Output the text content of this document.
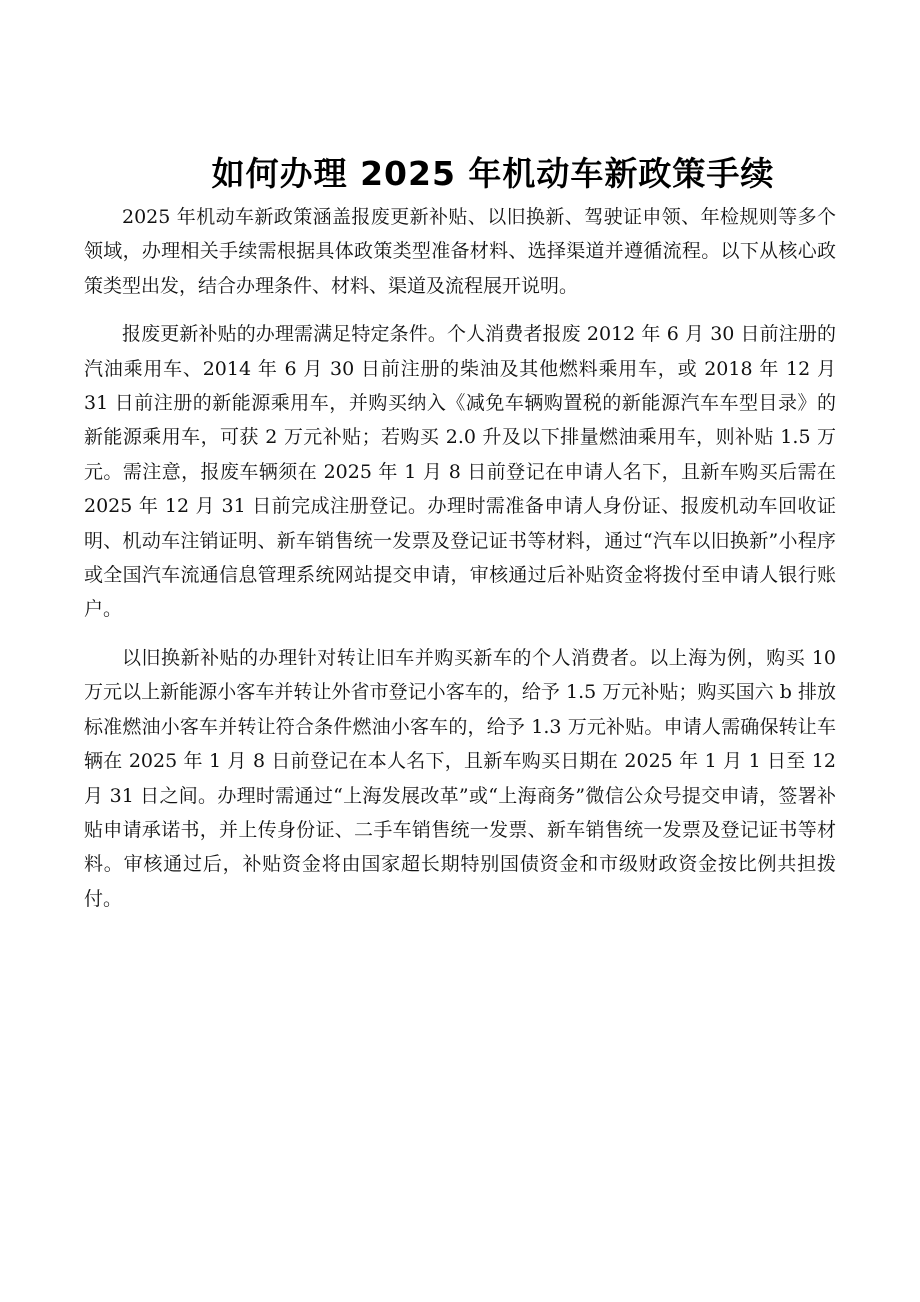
如何办理 2025 年机动车新政策手续

2025 年机动车新政策涵盖报废更新补贴、以旧换新、驾驶证申领、年检规则等多个领域，办理相关手续需根据具体政策类型准备材料、选择渠道并遵循流程。以下从核心政策类型出发，结合办理条件、材料、渠道及流程展开说明。

报废更新补贴的办理需满足特定条件。个人消费者报废 2012 年 6 月 30 日前注册的汽油乘用车、2014 年 6 月 30 日前注册的柴油及其他燃料乘用车，或 2018 年 12 月 31 日前注册的新能源乘用车，并购买纳入《减免车辆购置税的新能源汽车车型目录》的新能源乘用车，可获 2 万元补贴；若购买 2.0 升及以下排量燃油乘用车，则补贴 1.5 万元。需注意，报废车辆须在 2025 年 1 月 8 日前登记在申请人名下，且新车购买后需在 2025 年 12 月 31 日前完成注册登记。办理时需准备申请人身份证、报废机动车回收证明、机动车注销证明、新车销售统一发票及登记证书等材料，通过“汽车以旧换新”小程序或全国汽车流通信息管理系统网站提交申请，审核通过后补贴资金将拨付至申请人银行账户。

以旧换新补贴的办理针对转让旧车并购买新车的个人消费者。以上海为例，购买 10 万元以上新能源小客车并转让外省市登记小客车的，给予 1.5 万元补贴；购买国六 b 排放标准燃油小客车并转让符合条件燃油小客车的，给予 1.3 万元补贴。申请人需确保转让车辆在 2025 年 1 月 8 日前登记在本人名下，且新车购买日期在 2025 年 1 月 1 日至 12 月 31 日之间。办理时需通过“上海发展改革”或“上海商务”微信公众号提交申请，签署补贴申请承诺书，并上传身份证、二手车销售统一发票、新车销售统一发票及登记证书等材料。审核通过后，补贴资金将由国家超长期特别国债资金和市级财政资金按比例共担拨付。
